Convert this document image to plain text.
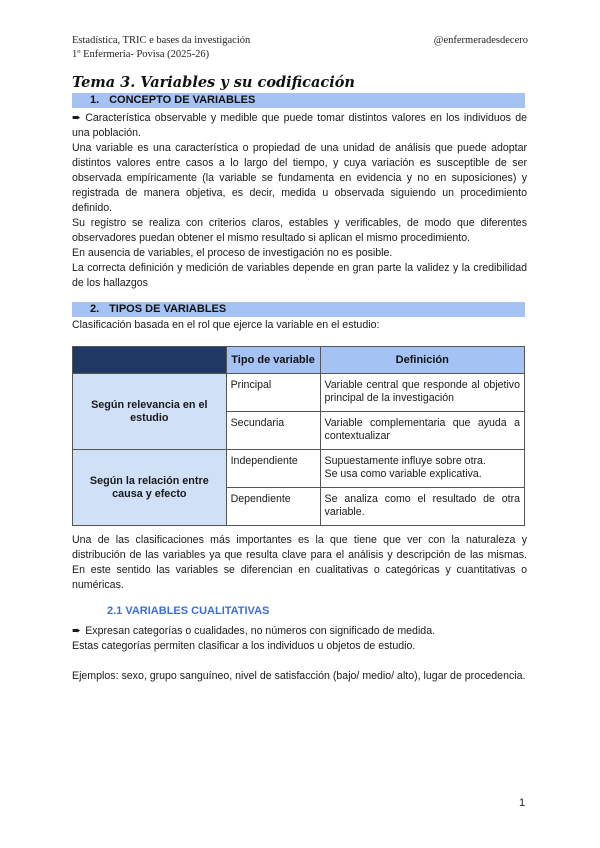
Estadística, TRIC e bases da investigación
1º Enfermería- Povisa (2025-26)
@enfermeradesdecero
Tema 3. Variables y su codificación
1. CONCEPTO DE VARIABLES

➨ Característica observable y medible que puede tomar distintos valores en los individuos de una población.

Una variable es una característica o propiedad de una unidad de análisis que puede adoptar distintos valores entre casos a lo largo del tiempo, y cuya variación es susceptible de ser observada empíricamente (la variable se fundamenta en evidencia y no en suposiciones) y registrada de manera objetiva, es decir, medida u observada siguiendo un procedimiento definido.

Su registro se realiza con criterios claros, estables y verificables, de modo que diferentes observadores puedan obtener el mismo resultado si aplican el mismo procedimiento.

En ausencia de variables, el proceso de investigación no es posible.

La correcta definición y medición de variables depende en gran parte la validez y la credibilidad de los hallazgos

2. TIPOS DE VARIABLES

Clasificación basada en el rol que ejerce la variable en el estudio:

	Tipo de variable	Definición
Según relevancia en el estudio	Principal	Variable central que responde al objetivo principal de la investigación
	Secundaria	Variable complementaria que ayuda a contextualizar
Según la relación entre causa y efecto	Independiente	Supuestamente influye sobre otra.
Se usa como variable explicativa.

	Dependiente	Se analiza como el resultado de otra variable.

Una de las clasificaciones más importantes es la que tiene que ver con la naturaleza y distribución de las variables ya que resulta clave para el análisis y descripción de las mismas. En este sentido las variables se diferencian en cualitativas o categóricas y cuantitativas o numéricas.

2.1 VARIABLES CUALITATIVAS

➨ Expresan categorías o cualidades, no números con significado de medida.

Estas categorías permiten clasificar a los individuos u objetos de estudio.

Ejemplos: sexo, grupo sanguíneo, nivel de satisfacción (bajo/ medio/ alto), lugar de procedencia.

1
